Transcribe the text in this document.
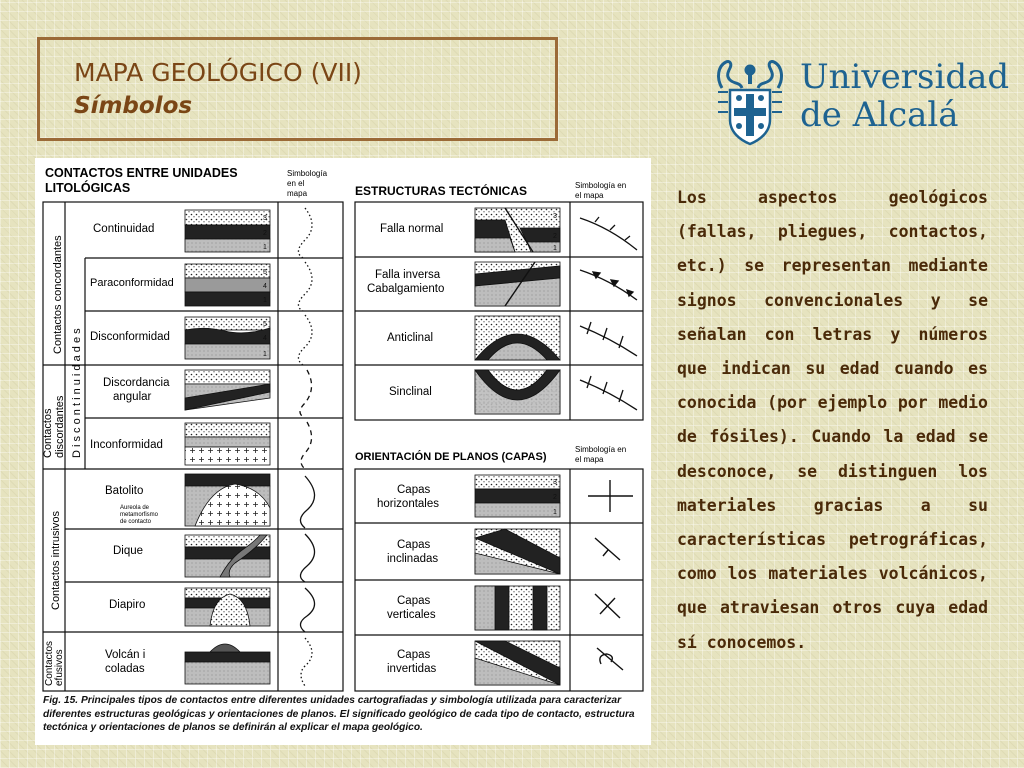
MAPA GEOLÓGICO (VII)
Símbolos
Universidad
de Alcalá
CONTACTOS ENTRE UNIDADES
LITOLÓGICAS
Simbología
en el
mapa
Contactos concordantes
Contactos discordantes D i s c o n t i n u i d a d e s
Contactos intrusivos
Contactos efusivos
Continuidad
Paraconformidad
Disconformidad
Discordancia
angular
Inconformidad
Batolito
Dique
Diapiro
Volcán i
coladas
Aureola de
metamorfismo
de contacto
ESTRUCTURAS TECTÓNICAS	Simbología en
el mapa
Falla normal
Falla inversa
Cabalgamiento
Anticlinal
Sinclinal
ORIENTACIÓN DE PLANOS (CAPAS)
Simbología en
el mapa
Capas
horizontales
Capas
inclinadas
Capas
verticales
Capas
invertidas
3
2
1
5
4
1
5
4
1
3
2
1
3
2
1
Fig. 15. Principales tipos de contactos entre diferentes unidades cartografiadas y simbología utilizada para caracterizar diferentes estructuras geológicas y orientaciones de planos. El significado geológico de cada tipo de contacto, estructura tectónica y orientaciones de planos se definirán al explicar el mapa geológico.
Los aspectos geológicos (fallas, pliegues, contactos, etc.) se representan mediante signos convencionales y se señalan con letras y números que indican su edad cuando es conocida (por ejemplo por medio de fósiles). Cuando la edad se desconoce, se distinguen los materiales gracias a su características petrográficas, como los materiales volcánicos, que atraviesan otros cuya edad sí conocemos.
